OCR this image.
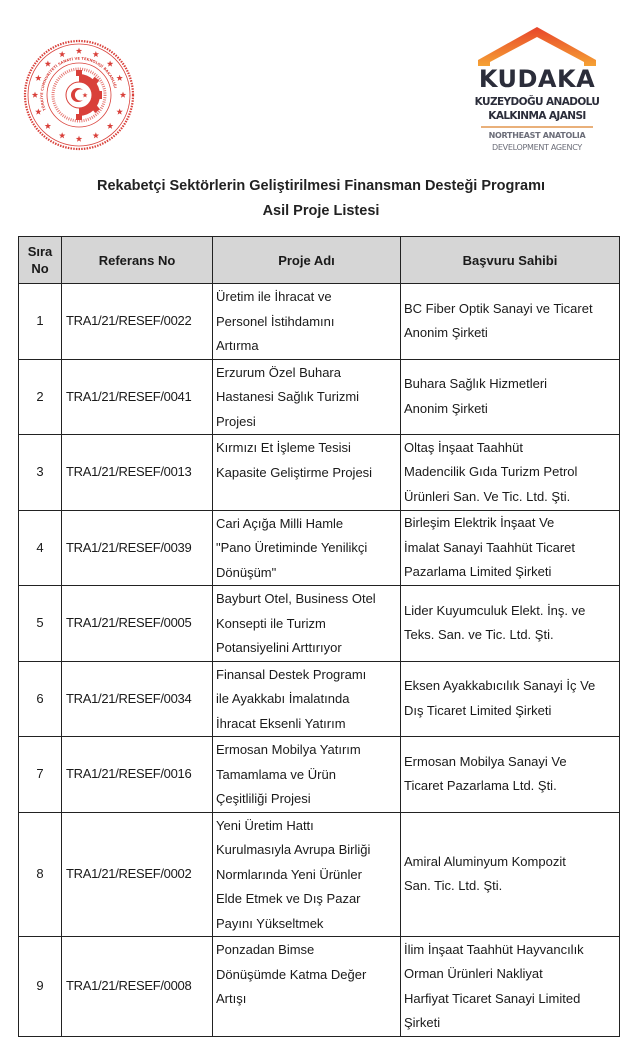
TÜRKİYE CUMHURİYETİ SANAYİ VE TEKNOLOJİ BAKANLIĞI	KUDAKA
KUZEYDOĞU ANADOLU
KALKINMA AJANSI
NORTHEAST ANATOLIA
DEVELOPMENT AGENCY
Rekabetçi Sektörlerin Geliştirilmesi Finansman Desteği Programı
Asil Proje Listesi
Sıra
No	Referans No	Proje Adı	Başvuru Sahibi
1	TRA1/21/RESEF/0022	Üretim ile İhracat ve
Personel İstihdamını
Artırma	BC Fiber Optik Sanayi ve Ticaret
Anonim Şirketi

2	TRA1/21/RESEF/0041	Erzurum Özel Buhara
Hastanesi Sağlık Turizmi
Projesi	Buhara Sağlık Hizmetleri
Anonim Şirketi

3	TRA1/21/RESEF/0013	Kırmızı Et İşleme Tesisi
Kapasite Geliştirme Projesi	Oltaş İnşaat Taahhüt
Madencilik Gıda Turizm Petrol
Ürünleri San. Ve Tic. Ltd. Şti.

4	TRA1/21/RESEF/0039	Cari Açığa Milli Hamle
"Pano Üretiminde Yenilikçi
Dönüşüm"	Birleşim Elektrik İnşaat Ve
İmalat Sanayi Taahhüt Ticaret
Pazarlama Limited Şirketi

5	TRA1/21/RESEF/0005	Bayburt Otel, Business Otel
Konsepti ile Turizm
Potansiyelini Arttırıyor	Lider Kuyumculuk Elekt. İnş. ve
Teks. San. ve Tic. Ltd. Şti.

6	TRA1/21/RESEF/0034	Finansal Destek Programı
ile Ayakkabı İmalatında
İhracat Eksenli Yatırım	Eksen Ayakkabıcılık Sanayi İç Ve
Dış Ticaret Limited Şirketi

7	TRA1/21/RESEF/0016	Ermosan Mobilya Yatırım
Tamamlama ve Ürün
Çeşitliliği Projesi	Ermosan Mobilya Sanayi Ve
Ticaret Pazarlama Ltd. Şti.

8	TRA1/21/RESEF/0002	Yeni Üretim Hattı
Kurulmasıyla Avrupa Birliği
Normlarında Yeni Ürünler
Elde Etmek ve Dış Pazar
Payını Yükseltmek	Amiral Aluminyum Kompozit
San. Tic. Ltd. Şti.

9	TRA1/21/RESEF/0008	Ponzadan Bimse
Dönüşümde Katma Değer
Artışı	İlim İnşaat Taahhüt Hayvancılık
Orman Ürünleri Nakliyat
Harfiyat Ticaret Sanayi Limited
Şirketi
